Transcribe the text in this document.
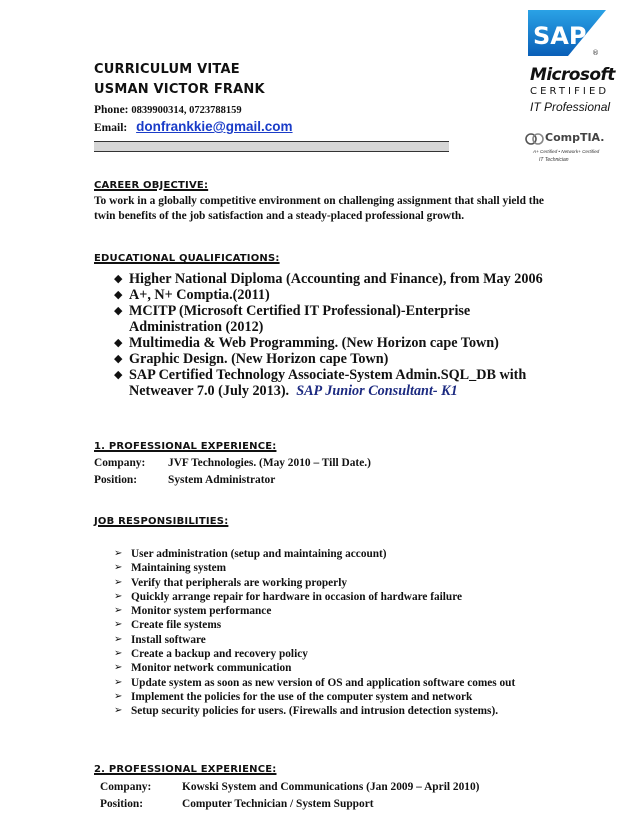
CURRICULUM VITAE
USMAN VICTOR FRANK
Phone: 0839900314, 0723788159
Email: donfrankkie@gmail.com
SAP
®
Microsoft
CERTIFIED
IT Professional
CompTIA.
A+ Certified • Network+ Certified
IT Technician
CAREER OBJECTIVE:
To work in a globally competitive environment on challenging assignment that shall yield the twin benefits of the job satisfaction and a steady-placed professional growth.
EDUCATIONAL QUALIFICATIONS:
◆ Higher National Diploma (Accounting and Finance), from May 2006
◆ A+, N+ Comptia.(2011)
◆ MCITP (Microsoft Certified IT Professional)-Enterprise
Administration (2012)
◆ Multimedia & Web Programming. (New Horizon cape Town)
◆ Graphic Design. (New Horizon cape Town)
◆ SAP Certified Technology Associate-System Admin.SQL_DB with
Netweaver 7.0 (July 2013). SAP Junior Consultant- K1
1. PROFESSIONAL EXPERIENCE:
Company: JVF Technologies. (May 2010 – Till Date.)
Position:	System Administrator
JOB RESPONSIBILITIES:
➢ User administration (setup and maintaining account)
➢ Maintaining system
➢ Verify that peripherals are working properly
➢ Quickly arrange repair for hardware in occasion of hardware failure
➢ Monitor system performance
➢ Create file systems
➢ Install software
➢ Create a backup and recovery policy
➢ Monitor network communication
➢ Update system as soon as new version of OS and application software comes out
➢ Implement the policies for the use of the computer system and network
➢ Setup security policies for users. (Firewalls and intrusion detection systems).
2. PROFESSIONAL EXPERIENCE:
Company:	Kowski System and Communications (Jan 2009 – April 2010)
Position:	Computer Technician / System Support
